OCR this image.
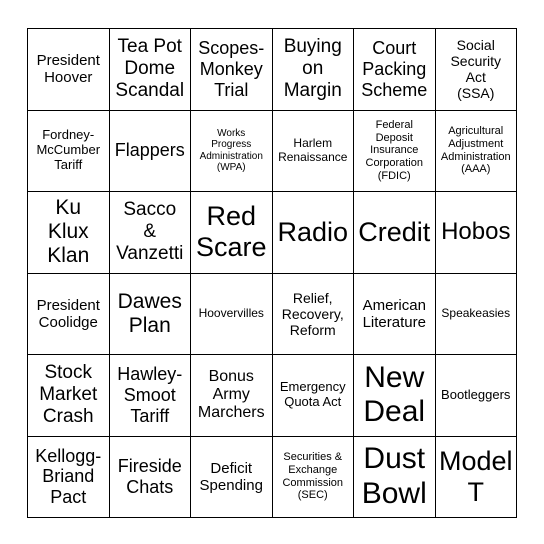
President
Hoover
Tea Pot
Dome
Scandal
Scopes-
Monkey
Trial
Buying
on
Margin
Court
Packing
Scheme
Social
Security
Act
(SSA)
Fordney-
McCumber
Tariff
Flappers
Works
Progress
Administration
(WPA)
Harlem
Renaissance
Federal
Deposit
Insurance
Corporation
(FDIC)
Agricultural
Adjustment
Administration
(AAA)
Ku
Klux
Klan
Sacco
&
Vanzetti
Red
Scare
Radio Credit Hobos
President
Coolidge
Dawes
Plan
Hoovervilles
Relief,
Recovery,
Reform
American
Literature
Speakeasies
Stock
Market
Crash
Hawley-
Smoot
Tariff
Bonus
Army
Marchers
Emergency
Quota Act
New
Deal
Bootleggers
Kellogg-
Briand
Pact
Fireside
Chats
Deficit
Spending
Securities &
Exchange
Commission
(SEC)
Dust
Bowl
Model
T
